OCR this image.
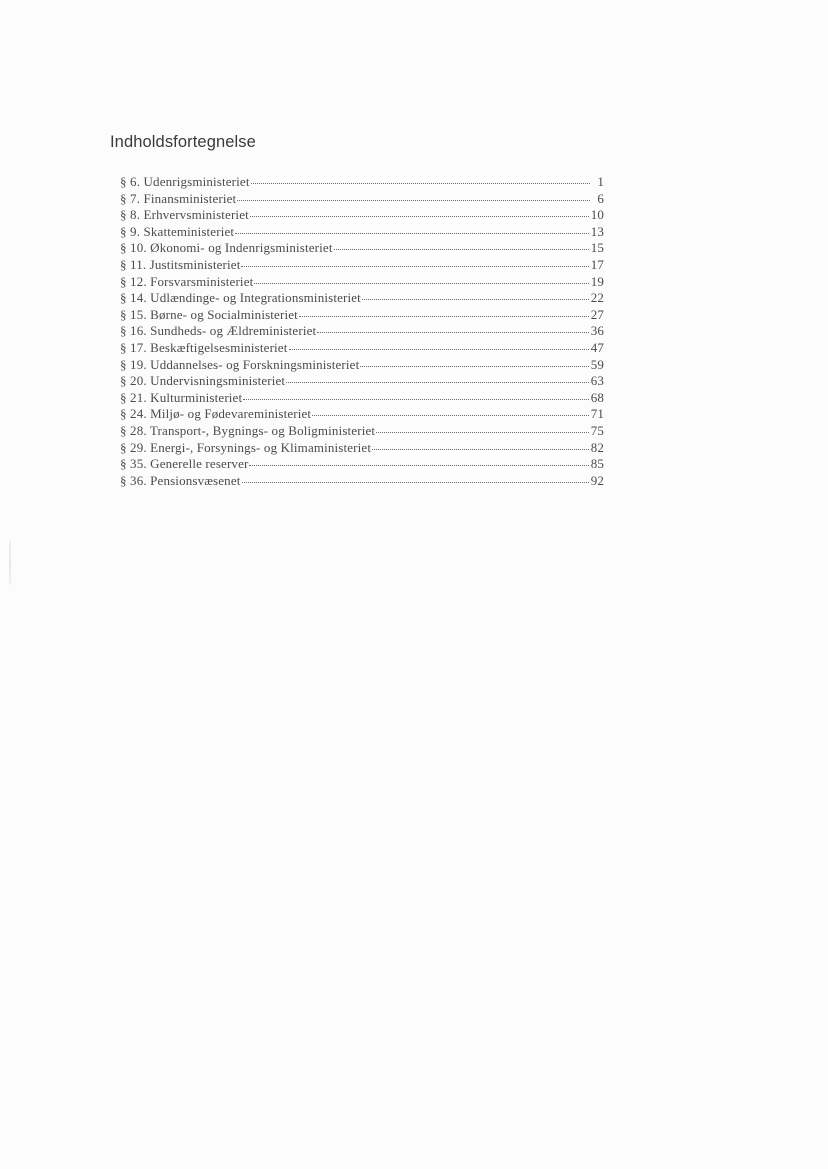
Indholdsfortegnelse
§ 6. Udenrigsministeriet	1
§ 7. Finansministeriet	6
§ 8. Erhvervsministeriet	10
§ 9. Skatteministeriet	13
§ 10. Økonomi- og Indenrigsministeriet	15
§ 11. Justitsministeriet	17
§ 12. Forsvarsministeriet	19
§ 14. Udlændinge- og Integrationsministeriet	22
§ 15. Børne- og Socialministeriet	27
§ 16. Sundheds- og Ældreministeriet	36
§ 17. Beskæftigelsesministeriet	47
§ 19. Uddannelses- og Forskningsministeriet	59
§ 20. Undervisningsministeriet	63
§ 21. Kulturministeriet	68
§ 24. Miljø- og Fødevareministeriet	71
§ 28. Transport-, Bygnings- og Boligministeriet	75
§ 29. Energi-, Forsynings- og Klimaministeriet	82
§ 35. Generelle reserver	85
§ 36. Pensionsvæsenet	92
